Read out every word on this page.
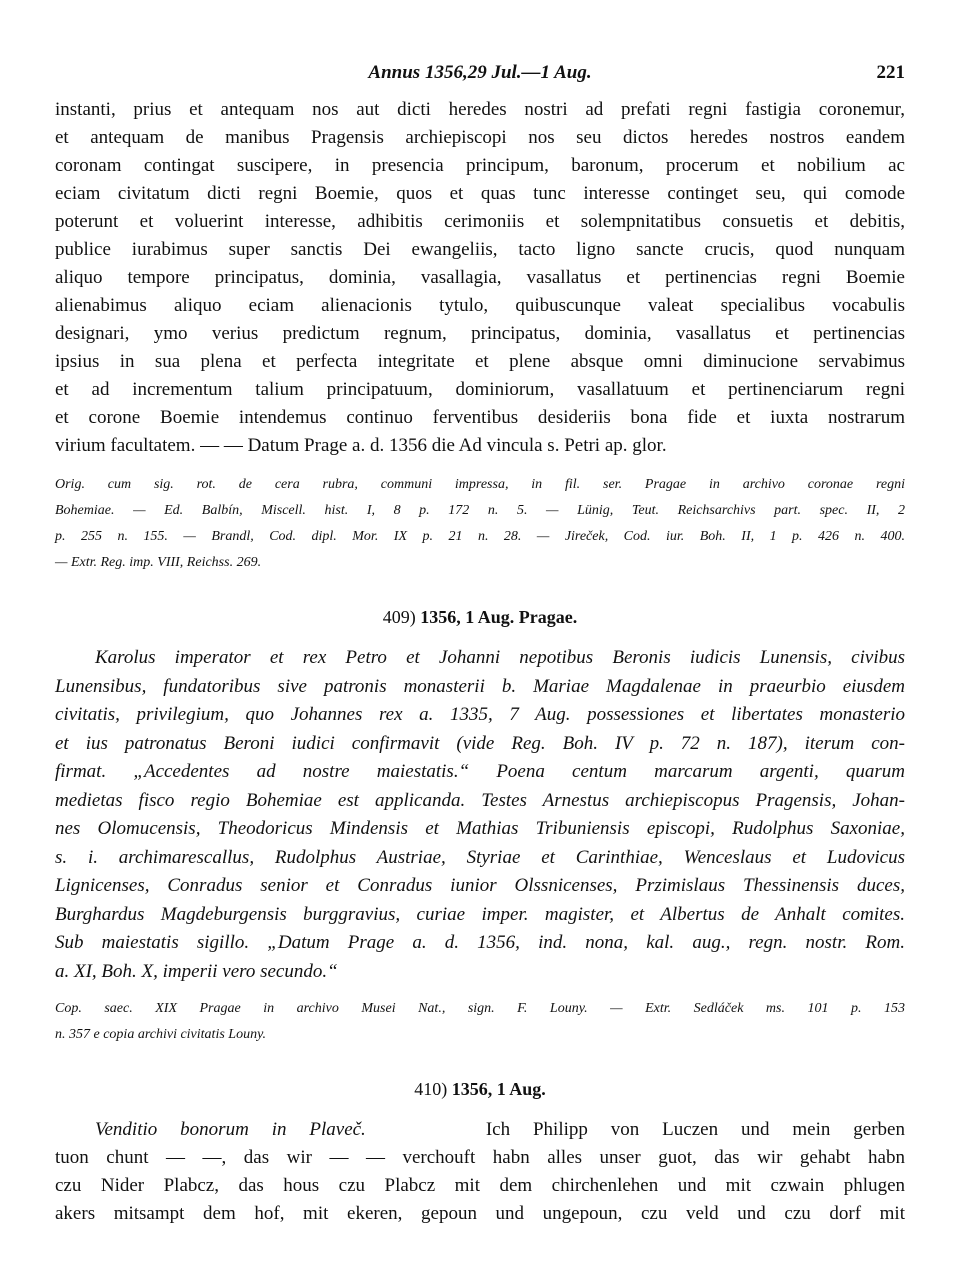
Annus 1356,29 Jul.—1 Aug.	221
instanti, prius et antequam nos aut dicti heredes nostri ad prefati regni fastigia coronemur,
et antequam de manibus Pragensis archiepiscopi nos seu dictos heredes nostros eandem
coronam contingat suscipere, in presencia principum, baronum, procerum et nobilium ac
eciam civitatum dicti regni Boemie, quos et quas tunc interesse continget seu, qui comode
poterunt et voluerint interesse, adhibitis cerimoniis et solempnitatibus consuetis et debitis,
publice iurabimus super sanctis Dei ewangeliis, tacto ligno sancte crucis, quod nunquam
aliquo tempore principatus, dominia, vasallagia, vasallatus et pertinencias regni Boemie
alienabimus aliquo eciam alienacionis tytulo, quibuscunque valeat specialibus vocabulis
designari, ymo verius predictum regnum, principatus, dominia, vasallatus et pertinencias
ipsius in sua plena et perfecta integritate et plene absque omni diminucione servabimus
et ad incrementum talium principatuum, dominiorum, vasallatuum et pertinenciarum regni
et corone Boemie intendemus continuo ferventibus desideriis bona fide et iuxta nostrarum
virium facultatem. — — Datum Prage a. d. 1356 die Ad vincula s. Petri ap. glor.
Orig. cum sig. rot. de cera rubra, communi impressa, in fil. ser. Pragae in archivo coronae regni
Bohemiae. — Ed. Balbín, Miscell. hist. I, 8 p. 172 n. 5. — Lünig, Teut. Reichsarchivs part. spec. II, 2
p. 255 n. 155. — Brandl, Cod. dipl. Mor. IX p. 21 n. 28. — Jireček, Cod. iur. Boh. II, 1 p. 426 n. 400.
— Extr. Reg. imp. VIII, Reichss. 269.
409) 1356, 1 Aug. Pragae.
Karolus imperator et rex Petro et Johanni nepotibus Beronis iudicis Lunensis, civibus
Lunensibus, fundatoribus sive patronis monasterii b. Mariae Magdalenae in praeurbio eiusdem
civitatis, privilegium, quo Johannes rex a. 1335, 7 Aug. possessiones et libertates monasterio
et ius patronatus Beroni iudici confirmavit (vide Reg. Boh. IV p. 72 n. 187), iterum con-
firmat. „Accedentes ad nostre maiestatis.“ Poena centum marcarum argenti, quarum
medietas fisco regio Bohemiae est applicanda. Testes Arnestus archiepiscopus Pragensis, Johan-
nes Olomucensis, Theodoricus Mindensis et Mathias Tribuniensis episcopi, Rudolphus Saxoniae,
s. i. archimarescallus, Rudolphus Austriae, Styriae et Carinthiae, Wenceslaus et Ludovicus
Lignicenses, Conradus senior et Conradus iunior Olssnicenses, Przimislaus Thessinensis duces,
Burghardus Magdeburgensis burggravius, curiae imper. magister, et Albertus de Anhalt comites.
Sub maiestatis sigillo. „Datum Prage a. d. 1356, ind. nona, kal. aug., regn. nostr. Rom.
a. XI, Boh. X, imperii vero secundo.“
Cop. saec. XIX Pragae in archivo Musei Nat., sign. F. Louny. — Extr. Sedláček ms. 101 p. 153
n. 357 e copia archivi civitatis Louny.
410) 1356, 1 Aug.
Venditio bonorum in Plaveč.	Ich Philipp von Luczen und mein gerben
tuon chunt — —, das wir — — verchouft habn alles unser guot, das wir gehabt habn
czu Nider Plabcz, das hous czu Plabcz mit dem chirchenlehen und mit czwain phlugen
akers mitsampt dem hof, mit ekeren, gepoun und ungepoun, czu veld und czu dorf mit
